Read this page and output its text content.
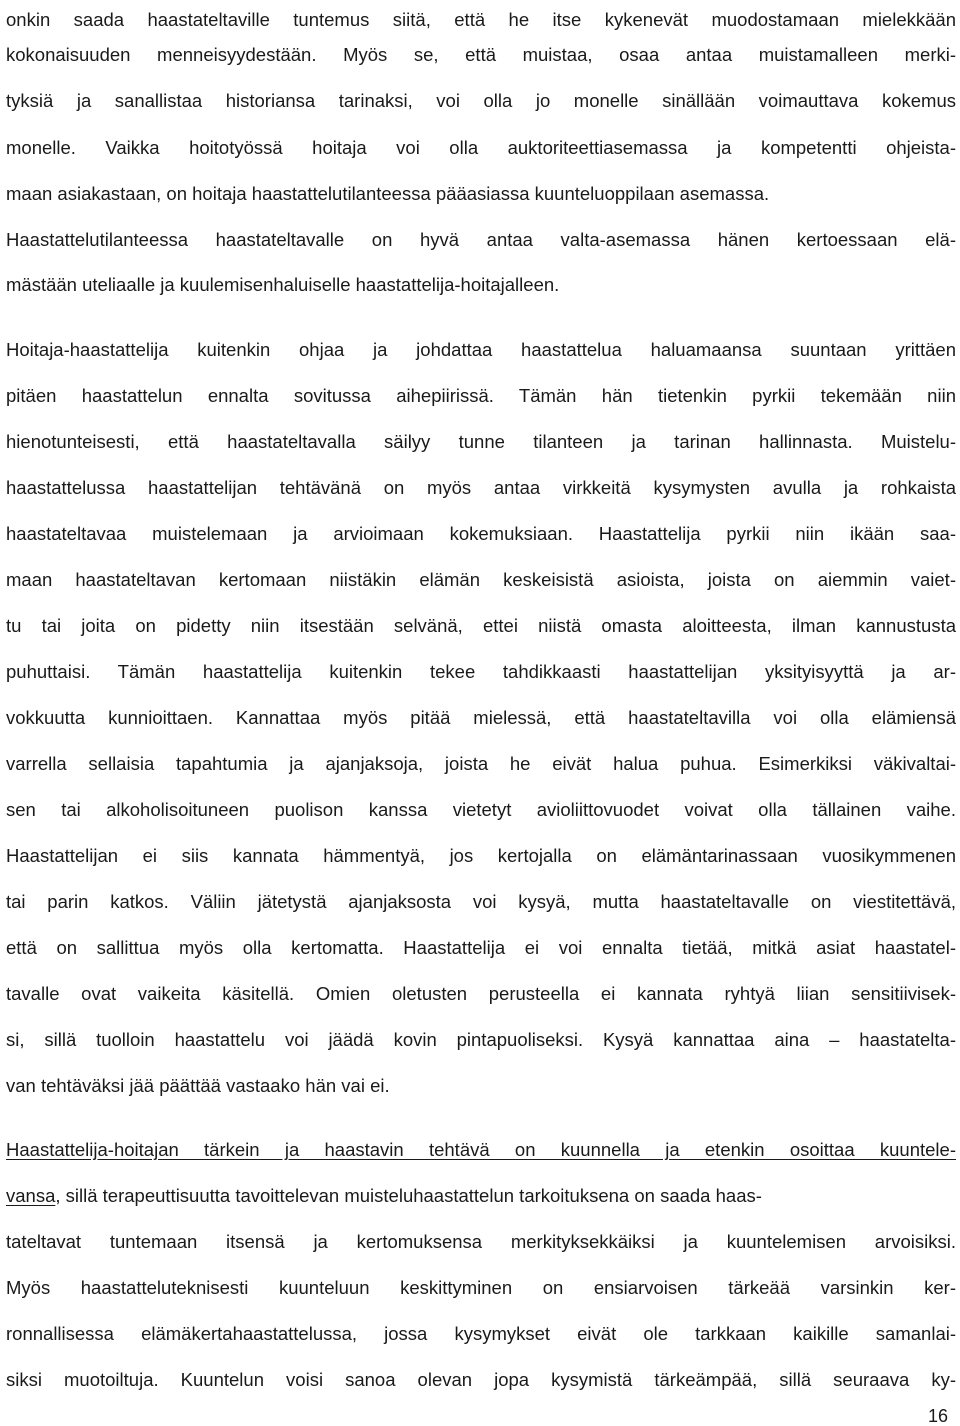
onkin saada haastateltaville tuntemus siitä, että he itse kykenevät muodostamaan mielekkään
kokonaisuuden menneisyydestään. Myös se, että muistaa, osaa antaa muistamalleen merki-
tyksiä ja sanallistaa historiansa tarinaksi, voi olla jo monelle sinällään voimauttava kokemus
monelle. Vaikka hoitotyössä hoitaja voi olla auktoriteettiasemassa ja kompetentti ohjeista-
maan asiakastaan, on hoitaja haastattelutilanteessa pääasiassa kuunteluoppilaan asemassa.
Haastattelutilanteessa haastateltavalle on hyvä antaa valta-asemassa hänen kertoessaan elä-
mästään uteliaalle ja kuulemisenhaluiselle haastattelija-hoitajalleen.
Hoitaja-haastattelija kuitenkin ohjaa ja johdattaa haastattelua haluamaansa suuntaan yrittäen
pitäen haastattelun ennalta sovitussa aihepiirissä. Tämän hän tietenkin pyrkii tekemään niin
hienotunteisesti, että haastateltavalla säilyy tunne tilanteen ja tarinan hallinnasta. Muistelu-
haastattelussa haastattelijan tehtävänä on myös antaa virkkeitä kysymysten avulla ja rohkaista
haastateltavaa muistelemaan ja arvioimaan kokemuksiaan. Haastattelija pyrkii niin ikään saa-
maan haastateltavan kertomaan niistäkin elämän keskeisistä asioista, joista on aiemmin vaiet-
tu tai joita on pidetty niin itsestään selvänä, ettei niistä omasta aloitteesta, ilman kannustusta
puhuttaisi. Tämän haastattelija kuitenkin tekee tahdikkaasti haastattelijan yksityisyyttä ja ar-
vokkuutta kunnioittaen. Kannattaa myös pitää mielessä, että haastateltavilla voi olla elämiensä
varrella sellaisia tapahtumia ja ajanjaksoja, joista he eivät halua puhua. Esimerkiksi väkivaltai-
sen tai alkoholisoituneen puolison kanssa vietetyt avioliittovuodet voivat olla tällainen vaihe.
Haastattelijan ei siis kannata hämmentyä, jos kertojalla on elämäntarinassaan vuosikymmenen
tai parin katkos. Väliin jätetystä ajanjaksosta voi kysyä, mutta haastateltavalle on viestitettävä,
että on sallittua myös olla kertomatta. Haastattelija ei voi ennalta tietää, mitkä asiat haastatel-
tavalle ovat vaikeita käsitellä. Omien oletusten perusteella ei kannata ryhtyä liian sensitiivisek-
si, sillä tuolloin haastattelu voi jäädä kovin pintapuoliseksi. Kysyä kannattaa aina – haastatelta-
van tehtäväksi jää päättää vastaako hän vai ei.
Haastattelija-hoitajan tärkein ja haastavin tehtävä on kuunnella ja etenkin osoittaa kuuntele-
vansa, sillä terapeuttisuutta tavoittelevan muisteluhaastattelun tarkoituksena on saada haas-
tateltavat tuntemaan itsensä ja kertomuksensa merkityksekkäiksi ja kuuntelemisen arvoisiksi.
Myös haastatteluteknisesti kuunteluun keskittyminen on ensiarvoisen tärkeää varsinkin ker-
ronnallisessa elämäkertahaastattelussa, jossa kysymykset eivät ole tarkkaan kaikille samanlai-
siksi muotoiltuja. Kuuntelun voisi sanoa olevan jopa kysymistä tärkeämpää, sillä seuraava ky-
16
